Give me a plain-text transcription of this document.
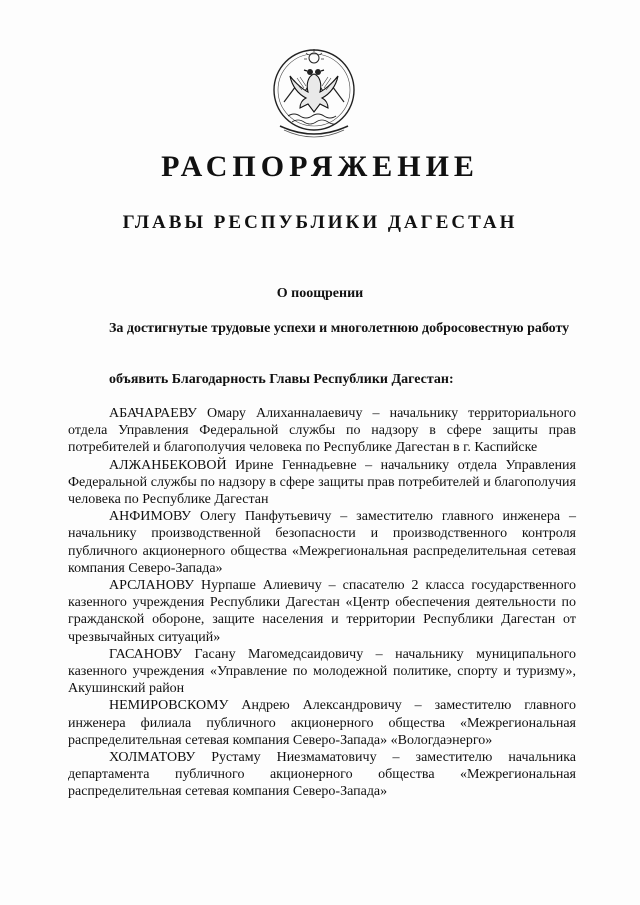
РАСПОРЯЖЕНИЕ
ГЛАВЫ РЕСПУБЛИКИ ДАГЕСТАН

О поощрении

За достигнутые трудовые успехи и многолетнюю добросовестную работу

объявить Благодарность Главы Республики Дагестан:

АБАЧАРАЕВУ Омару Алиханналаевичу – начальнику территориального отдела Управления Федеральной службы по надзору в сфере защиты прав потребителей и благополучия человека по Республике Дагестан в г. Каспийске

АЛЖАНБЕКОВОЙ Ирине Геннадьевне – начальнику отдела Управления Федеральной службы по надзору в сфере защиты прав потребителей и благополучия человека по Республике Дагестан

АНФИМОВУ Олегу Панфутьевичу – заместителю главного инженера – начальнику производственной безопасности и производственного контроля публичного акционерного общества «Межрегиональная распределительная сетевая компания Северо-Запада»

АРСЛАНОВУ Нурпаше Алиевичу – спасателю 2 класса государственного казенного учреждения Республики Дагестан «Центр обеспечения деятельности по гражданской обороне, защите населения и территории Республики Дагестан от чрезвычайных ситуаций»

ГАСАНОВУ Гасану Магомедсаидовичу – начальнику муниципального казенного учреждения «Управление по молодежной политике, спорту и туризму», Акушинский район

НЕМИРОВСКОМУ Андрею Александровичу – заместителю главного инженера филиала публичного акционерного общества «Межрегиональная распределительная сетевая компания Северо-Запада» «Вологдаэнерго»

ХОЛМАТОВУ Рустаму Ниезмаматовичу – заместителю начальника департамента публичного акционерного общества «Межрегиональная распределительная сетевая компания Северо-Запада»
